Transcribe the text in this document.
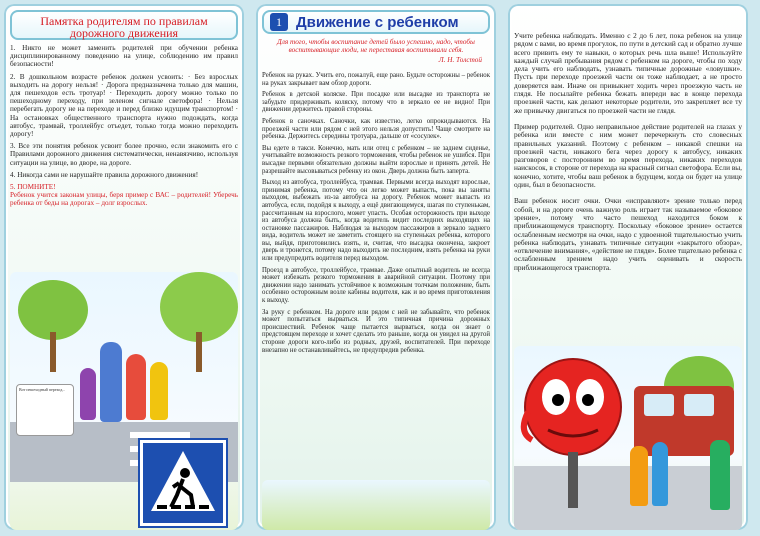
Памятка родителям по правилам дорожного движения

1. Никто не может заменить родителей при обучении ребенка дисциплинированному поведению на улице, соблюдению им правил безопасности!

2. В дошкольном возрасте ребенок должен усвоить: · Без взрослых выходить на дорогу нельзя! · Дорога предназначена только для машин, для пешеходов есть тротуар! · Переходить дорогу можно только по пешеходному переходу, при зеленом сигнале светофора! · Нельзя перебегать дорогу не на переходе и перед близко идущим транспортом! · На остановках общественного транспорта нужно подождать, когда автобус, трамвай, троллейбус отъедет, только тогда можно переходить дорогу!

3. Все эти понятия ребенок усвоит более прочно, если знакомить его с Правилами дорожного движения систематически, ненавязчиво, используя ситуации на улице, во дворе, на дороге.

4. Никогда сами не нарушайте правила дорожного движения!

5. ПОМНИТЕ!

Ребенок учится законам улицы, беря пример с ВАС – родителей! Уберечь ребенка от беды на дорогах – долг взрослых.

Вот пешеходный переход...
1 Движение с ребенком
Для того, чтобы воспитание детей было успешно, надо, чтобы воспитывающие люди, не переставая воспитывали себя.
Л. Н. Толстой

Ребенок на руках. Учить его, пожалуй, еще рано. Будьте осторожны – ребенок на руках закрывает вам обзор дороги.

Ребенок в детской коляске. При посадке или высадке из транспорта не забудьте придерживать коляску, потому что в зеркало ее не видно! При движении держитесь правой стороны.

Ребенок в саночках. Саночки, как известно, легко опрокидываются. На проезжей части или рядом с ней этого нельзя допустить! Чаще смотрите на ребенка. Держитесь середины тротуара, дальше от «сосулек».

Вы едете в такси. Конечно, мать или отец с ребенком – не заднем сиденье, учитывайте возможность резкого торможения, чтобы ребенок не ушибся. При высадке первыми обязательно должны выйти взрослые и принять детей. Не разрешайте высовываться ребенку из окон. Дверь должна быть заперта.

Выход из автобуса, троллейбуса, трамвая. Первыми всегда выходят взрослые, принимая ребенка, потому что он легко может выпасть, пока вы заняты выходом, выбежать из-за автобуса на дорогу. Ребенок может выпасть из автобуса, если, подойдя к выходу, а ещё двигающемуся, шагая по ступенькам, рассчитанным на взрослого, может упасть. Особая осторожность при выходе из автобуса должна быть, когда водитель видит последних выходящих на остановке пассажиров. Наблюдая за выходом пассажиров в зеркало заднего вида, водитель может не заметить стоящего на ступеньках ребенка, которого вы, выйдя, приготовились взять, и, считая, что высадка окончена, закроет дверь и тронется, потому надо выходить не последним, взять ребенка на руки или предупредить водителя перед выходом.

Проезд в автобусе, троллейбусе, трамвае. Даже опытный водитель не всегда может избежать резкого торможения в аварийной ситуации. Поэтому при движении надо занимать устойчивое к возможным толчкам положение, быть особенно осторожным возле кабины водителя, как и во время приготовления к выходу.

За руку с ребенком. На дороге или рядом с ней не забывайте, что ребенок может попытаться вырваться. И это типичная причина дорожных происшествий. Ребенок чаще пытается вырваться, когда он знает о предстоящем переходе и хочет сделать это раньше, когда он увидел на другой стороне дороги кого-либо из родных, друзей, воспитателей. При переходе внезапно не останавливайтесь, не предупредив ребенка.

Учите ребенка наблюдать. Именно с 2 до 6 лет, пока ребенок на улице рядом с вами, во время прогулок, по пути в детский сад и обратно лучше всего привить ему те навыки, о которых речь шла выше! Используйте каждый случай пребывания рядом с ребенком на дороге, чтобы по ходу дела учить его наблюдать, узнавать типичные дорожные «ловушки». Пусть при переходе проезжей части он тоже наблюдает, а не просто доверяется вам. Иначе он привыкнет ходить через проезжую часть не глядя. Не посылайте ребенка бежать впереди вас в конце перехода проезжей части, как делают некоторые родители, это закрепляет все ту же привычку двигаться по проезжей части не глядя.

Пример родителей. Одно неправильное действие родителей на глазах у ребенка или вместе с ним может перечеркнуть сто словесных правильных указаний. Поэтому с ребенком – никакой спешки на проезжей части, никакого бега через дорогу к автобусу, никаких разговоров с посторонним во время перехода, никаких переходов наискосок, в стороне от перехода на красный сигнал светофора. Если вы, конечно, хотите, чтобы ваш ребенок в будущем, когда он будет на улице один, был в безопасности.

Ваш ребенок носит очки. Очки «исправляют» зрение только перед собой, и на дороге очень важную роль играет так называемое «боковое зрение», потому что часто пешеход находится боком к приближающемуся транспорту. Поскольку «боковое зрение» остается ослабленным несмотря на очки, надо с удвоенной тщательностью учить ребенка наблюдать, узнавать типичные ситуации «закрытого обзора», «отвлечение внимания», «действие не глядя». Более тщательно ребенка с ослабленным зрением надо учить оценивать и скорость приближающегося транспорта.
